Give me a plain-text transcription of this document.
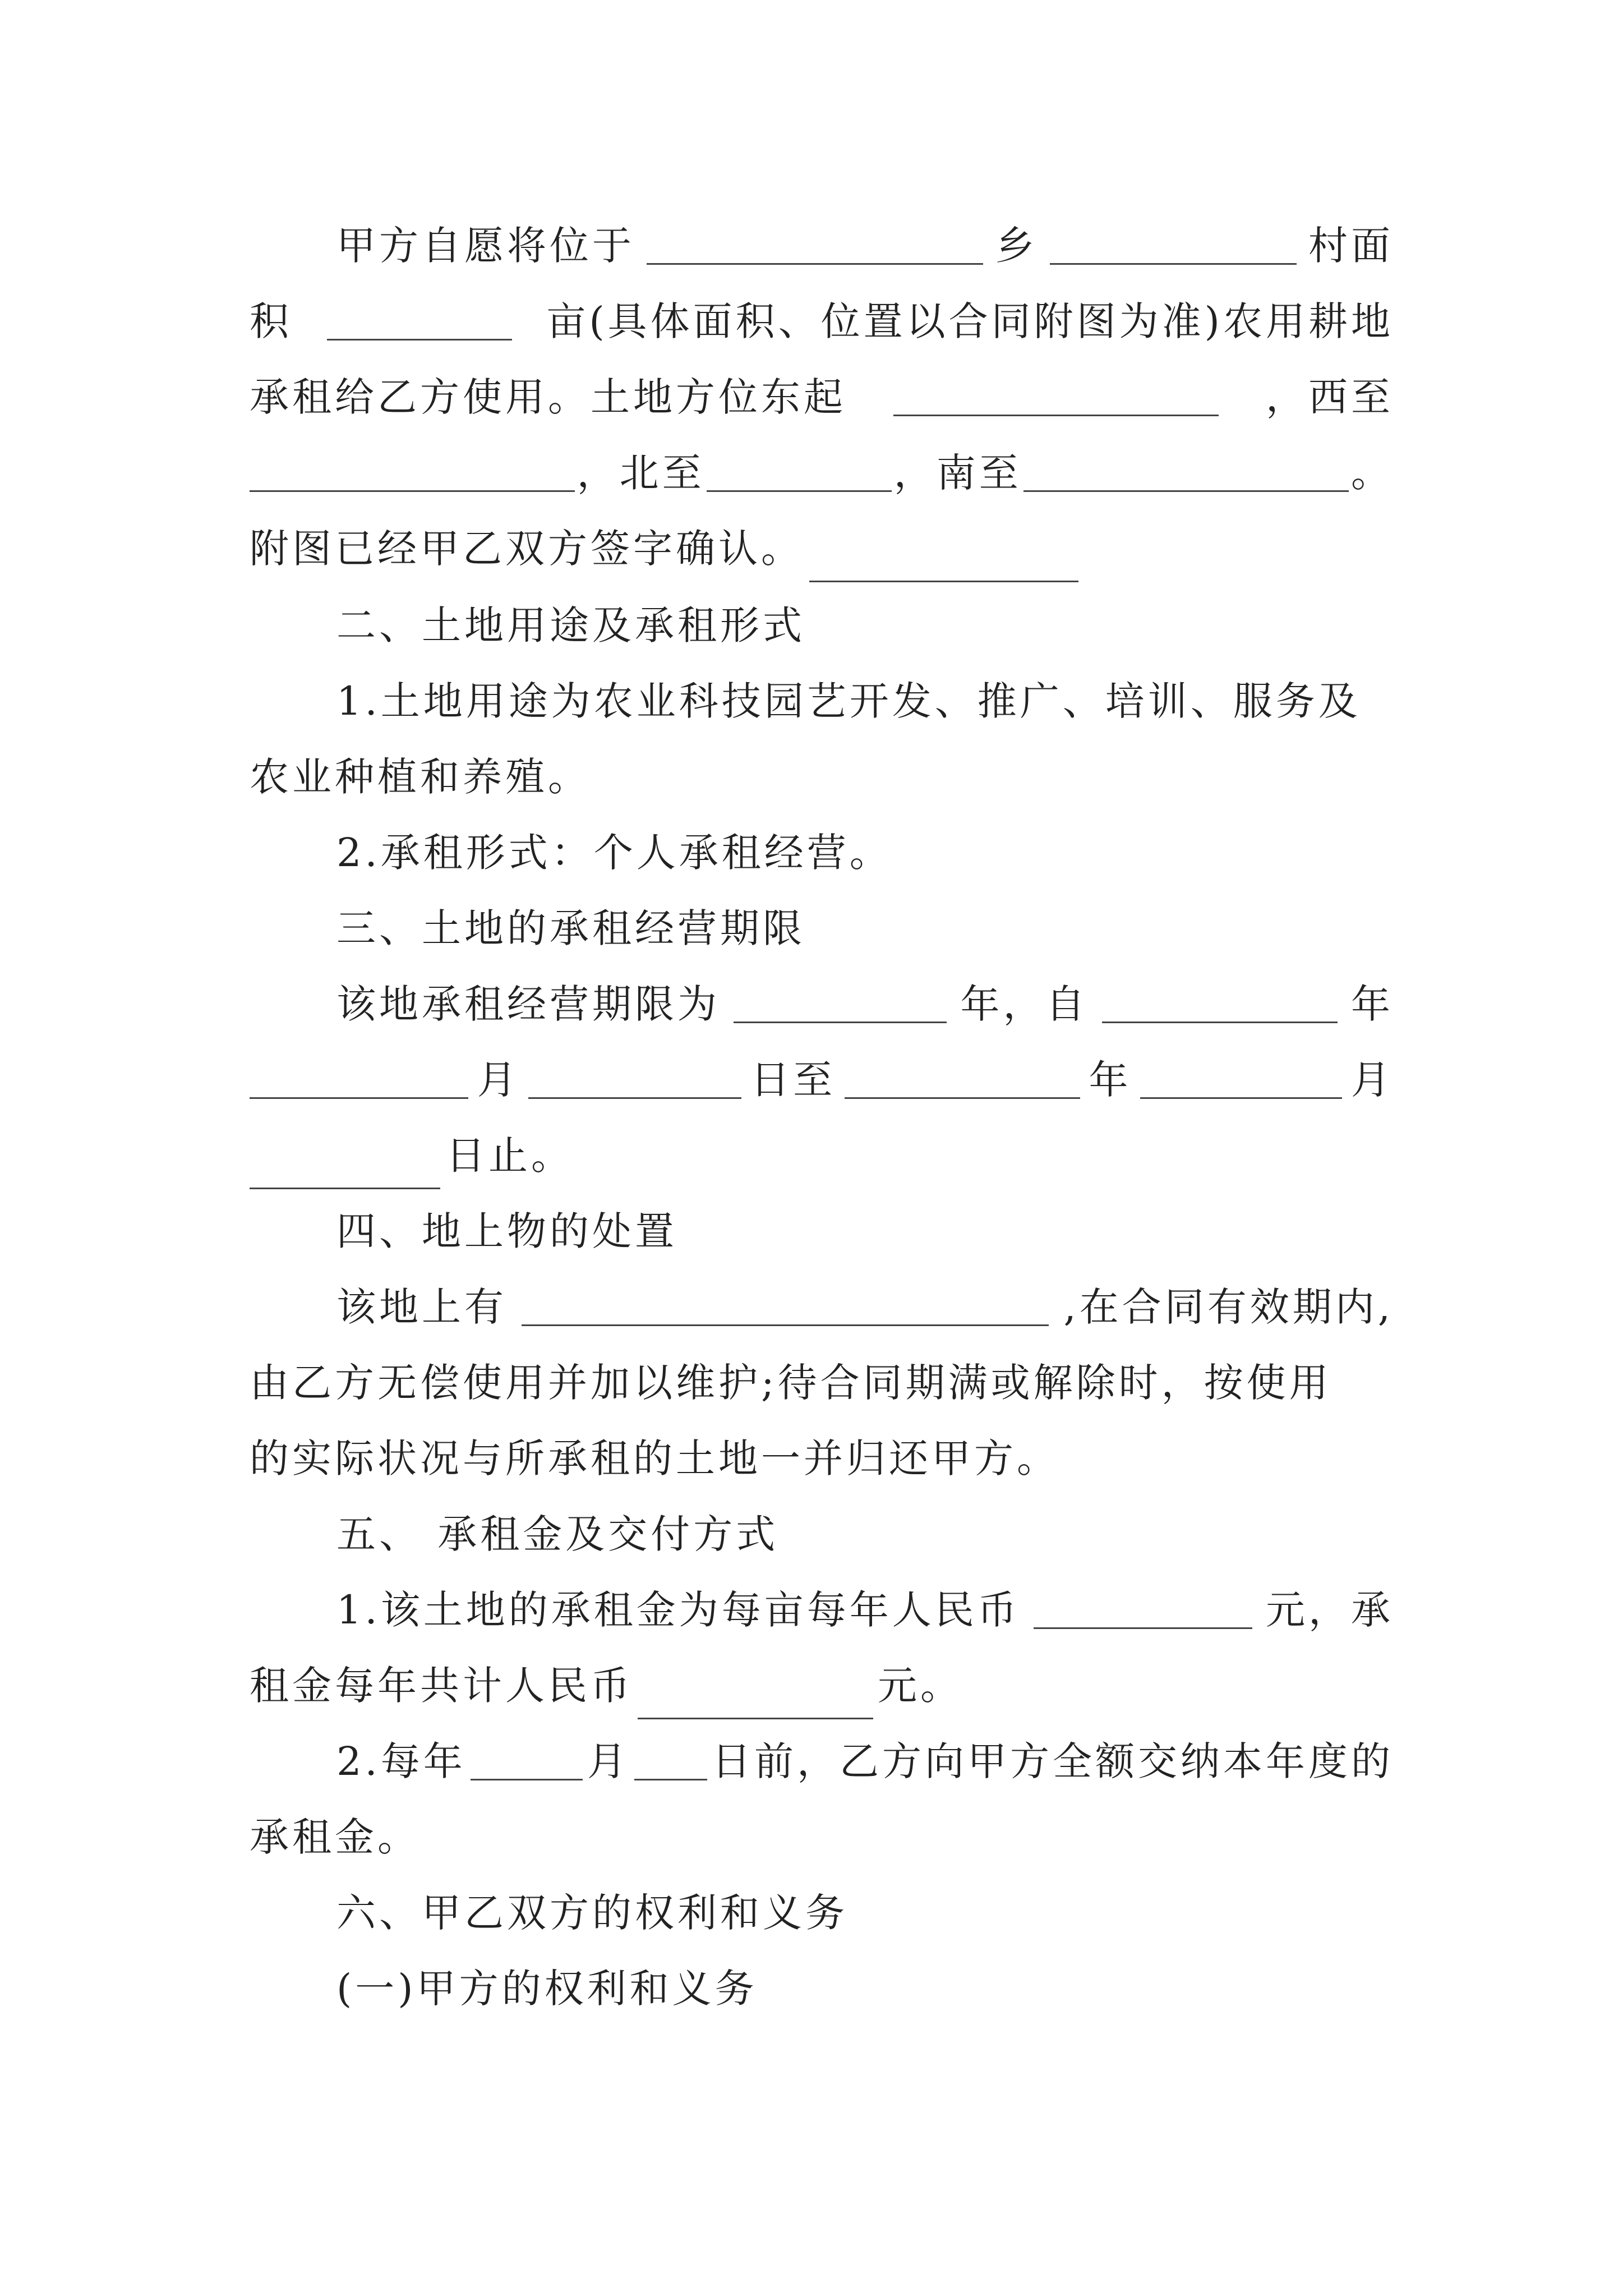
甲方自愿将位于	乡	村面
积	亩(具体面积、位置以合同附图为准)农用耕地
承租给乙方使用。土地方位东起	，西至
，北至	，南至	。
附图已经甲乙双方签字确认。
二、土地用途及承租形式
1.土地用途为农业科技园艺开发、推广、培训、服务及
农业种植和养殖。
2.承租形式：个人承租经营。
三、土地的承租经营期限
该地承租经营期限为	年，自	年
月	日至	年	月
日止。
四、地上物的处置
该地上有	,在合同有效期内,
由乙方无偿使用并加以维护;待合同期满或解除时，按使用
的实际状况与所承租的土地一并归还甲方。
五、 承租金及交付方式
1.该土地的承租金为每亩每年人民币	元，承
租金每年共计人民币	元。
2.每年	月 日前，乙方向甲方全额交纳本年度的
承租金。
六、甲乙双方的权利和义务
(一)甲方的权利和义务
